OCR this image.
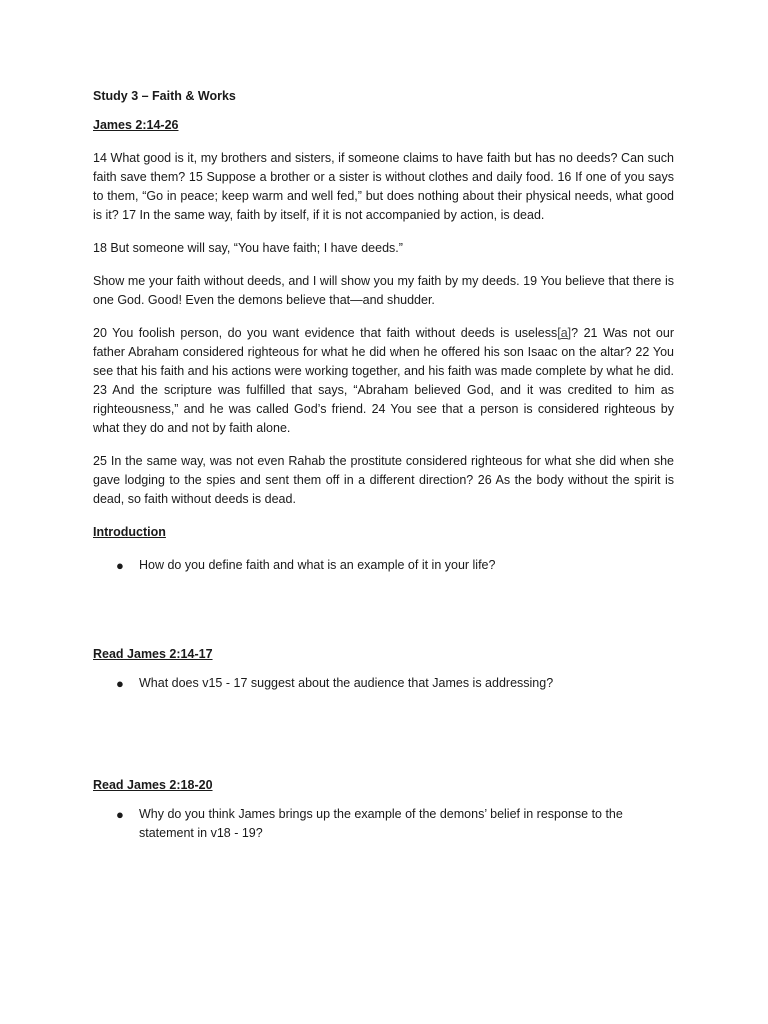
Study 3 – Faith & Works

James 2:14-26

14 What good is it, my brothers and sisters, if someone claims to have faith but has no deeds? Can such faith save them? 15 Suppose a brother or a sister is without clothes and daily food. 16 If one of you says to them, “Go in peace; keep warm and well fed,” but does nothing about their physical needs, what good is it? 17 In the same way, faith by itself, if it is not accompanied by action, is dead.

18 But someone will say, “You have faith; I have deeds.”

Show me your faith without deeds, and I will show you my faith by my deeds. 19 You believe that there is one God. Good! Even the demons believe that—and shudder.

20 You foolish person, do you want evidence that faith without deeds is useless[a]? 21 Was not our father Abraham considered righteous for what he did when he offered his son Isaac on the altar? 22 You see that his faith and his actions were working together, and his faith was made complete by what he did. 23 And the scripture was fulfilled that says, “Abraham believed God, and it was credited to him as righteousness,” and he was called God’s friend. 24 You see that a person is considered righteous by what they do and not by faith alone.

25 In the same way, was not even Rahab the prostitute considered righteous for what she did when she gave lodging to the spies and sent them off in a different direction? 26 As the body without the spirit is dead, so faith without deeds is dead.

Introduction

● How do you define faith and what is an example of it in your life?

Read James 2:14-17

● What does v15 - 17 suggest about the audience that James is addressing?

Read James 2:18-20

● Why do you think James brings up the example of the demons’ belief in response to the statement in v18 - 19?
